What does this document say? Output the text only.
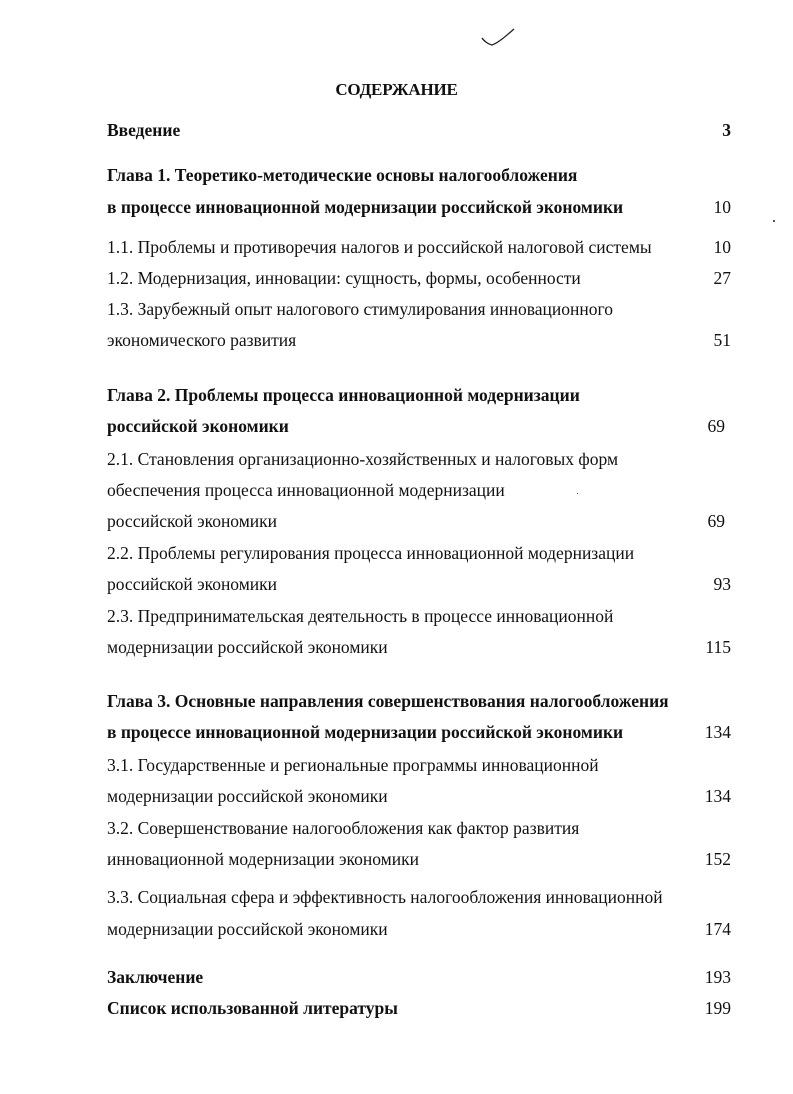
СОДЕРЖАНИЕ
Введение	3
Глава 1. Теоретико-методические основы налогообложения
в процессе инновационной модернизации российской экономики	10
1.1. Проблемы и противоречия налогов и российской налоговой системы	10
1.2. Модернизация, инновации: сущность, формы, особенности	27
1.3. Зарубежный опыт налогового стимулирования инновационного
экономического развития	51
Глава 2. Проблемы процесса инновационной модернизации
российской экономики	69
2.1. Становления организационно-хозяйственных и налоговых форм
обеспечения процесса инновационной модернизации
российской экономики	69
2.2. Проблемы регулирования процесса инновационной модернизации
российской экономики	93
2.3. Предпринимательская деятельность в процессе инновационной
модернизации российской экономики	115
Глава 3. Основные направления совершенствования налогообложения
в процессе инновационной модернизации российской экономики	134
3.1. Государственные и региональные программы инновационной
модернизации российской экономики	134
3.2. Совершенствование налогообложения как фактор развития
инновационной модернизации экономики	152
3.3. Социальная сфера и эффективность налогообложения инновационной
модернизации российской экономики	174
Заключение	193
Список использованной литературы	199
